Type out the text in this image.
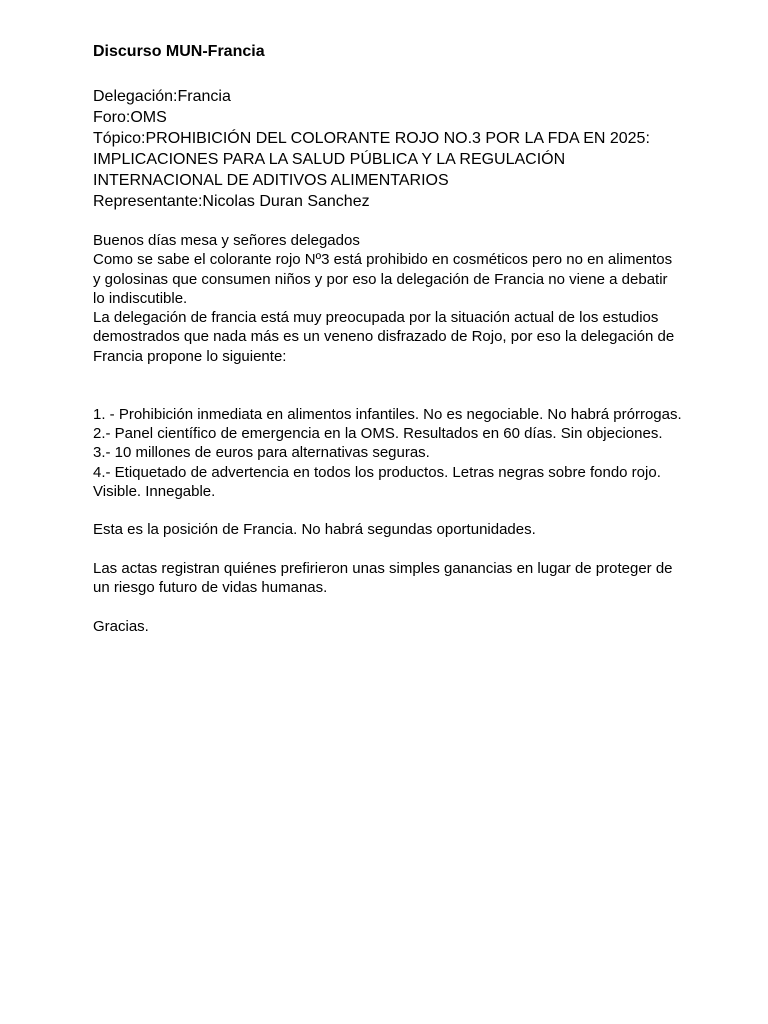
Discurso MUN-Francia

Delegación:Francia

Foro:OMS

Tópico:PROHIBICIÓN DEL COLORANTE ROJO NO.3 POR LA FDA EN 2025: IMPLICACIONES PARA LA SALUD PÚBLICA Y LA REGULACIÓN INTERNACIONAL DE ADITIVOS ALIMENTARIOS

Representante:Nicolas Duran Sanchez

Buenos días mesa y señores delegados

Como se sabe el colorante rojo Nº3 está prohibido en cosméticos pero no en alimentos y golosinas que consumen niños y por eso la delegación de Francia no viene a debatir lo indiscutible.

La delegación de francia está muy preocupada por la situación actual de los estudios demostrados que nada más es un veneno disfrazado de Rojo, por eso la delegación de Francia propone lo siguiente:

1. - Prohibición inmediata en alimentos infantiles. No es negociable. No habrá prórrogas.

2.- Panel científico de emergencia en la OMS. Resultados en 60 días. Sin objeciones.

3.- 10 millones de euros para alternativas seguras.

4.- Etiquetado de advertencia en todos los productos. Letras negras sobre fondo rojo. Visible. Innegable.

Esta es la posición de Francia. No habrá segundas oportunidades.

Las actas registran quiénes prefirieron unas simples ganancias en lugar de proteger de un riesgo futuro de vidas humanas.

Gracias.
